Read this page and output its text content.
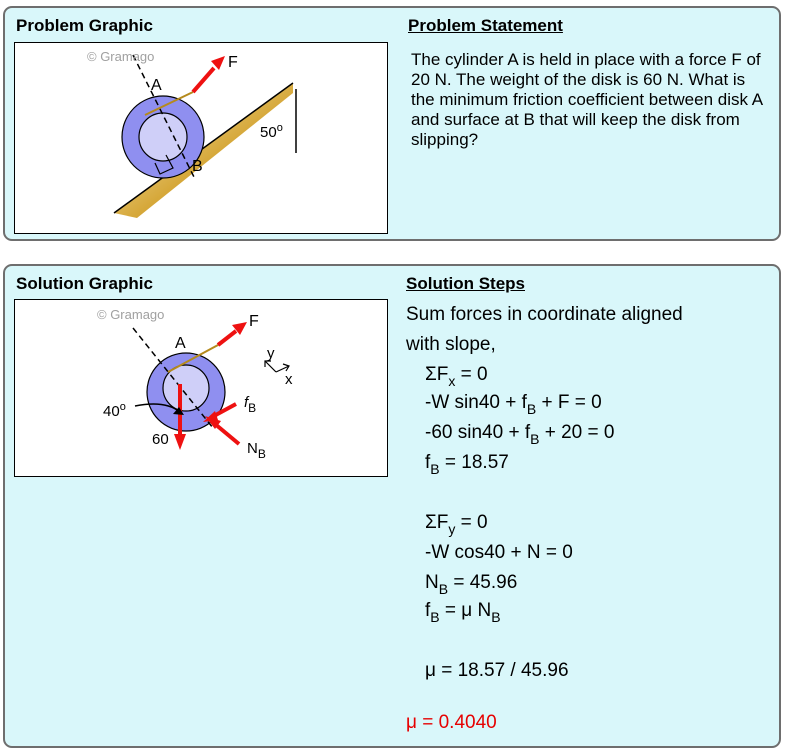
Problem Graphic	Problem Statement
© Gramago
A
F
B
50$^o$
The cylinder A is held in place with a force F of 20 N. The weight of the disk is 60 N. What is the minimum friction coefficient between disk A and surface at B that will keep the disk from slipping?
Solution Graphic	Solution Steps
© Gramago
A
F
y
x
40$^o$
60
$f_B$
$N_B$
Sum forces in coordinate aligned
with slope,
$\Sigma F_x = 0$
-W $\sin 40 + f_B + F = 0$
-60 $\sin 40 + f_B + 20 = 0$
$f_B = 18.57$
$\Sigma F_y = 0$
-W cos40 + N = 0
$N_B = 45.96$
$f_B = \mu$ $N_B$
μ = 18.57 / 45.96
μ = 0.4040
